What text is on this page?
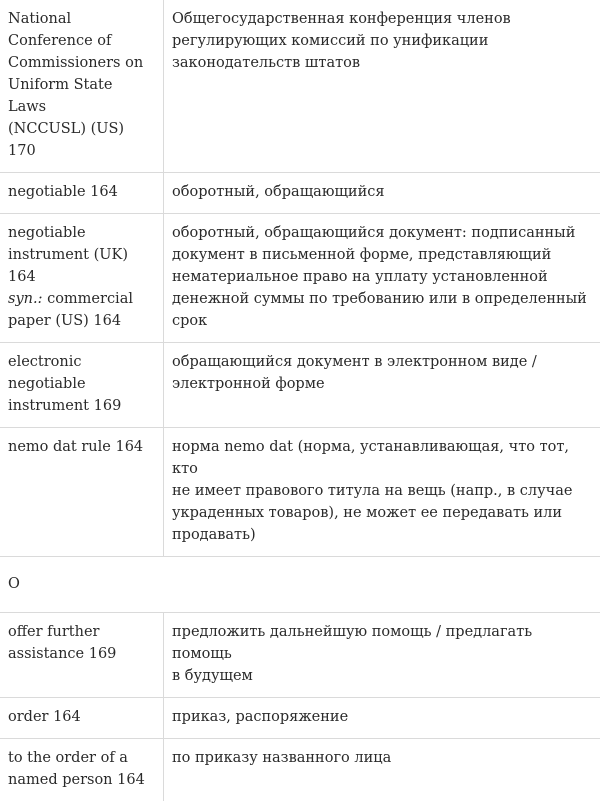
National
Conference of
Commissioners on
Uniform State Laws
(NCCUSL) (US) 170	Общегосударственная конференция членов
регулирующих комиссий по унификации
законодательств штатов

negotiable 164	оборотный, обращающийся

negotiable
instrument (UK) 164
syn.: commercial
paper (US) 164	оборотный, обращающийся документ: подписанный
документ в письменной форме, представляющий
нематериальное право на уплату установленной
денежной суммы по требованию или в определенный
срок

electronic
negotiable
instrument 169	обращающийся документ в электронном виде /
электронной форме

nemo dat rule 164	норма nemo dat (норма, устанавливающая, что тот, кто
не имеет правового титула на вещь (напр., в случае
украденных товаров), не может ее передавать или
продавать)

O	

offer further
assistance 169	предложить дальнейшую помощь / предлагать помощь
в будущем

order 164	приказ, распоряжение

to the order of a
named person 164	по приказу названного лица
